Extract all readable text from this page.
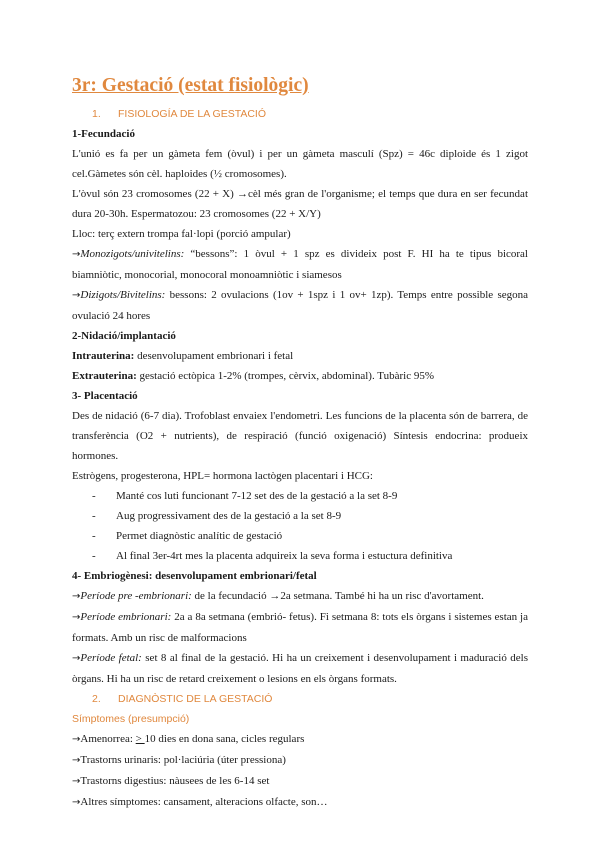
3r: Gestació (estat fisiològic)

1. FISIOLOGÍA DE LA GESTACIÓ

1-Fecundació

L'unió es fa per un gàmeta fem (òvul) i per un gàmeta masculí (Spz) = 46c diploide és 1 zigot cel.Gàmetes són cèl. haploides (½ cromosomes).

L'òvul són 23 cromosomes (22 + X) →cèl més gran de l'organisme; el temps que dura en ser fecundat dura 20-30h. Espermatozou: 23 cromosomes (22 + X/Y)

Lloc: terç extern trompa fal·lopi (porció ampular)

→Monozigots/univitelins: “bessons”: 1 òvul + 1 spz es divideix post F. HI ha te tipus bicoral biamniòtic, monocorial, monocoral monoamniòtic i siamesos

→Dizigots/Bivitelins: bessons: 2 ovulacions (1ov + 1spz i 1 ov+ 1zp). Temps entre possible segona ovulació 24 hores

2-Nidació/implantació

Intrauterina: desenvolupament embrionari i fetal

Extrauterina: gestació ectòpica 1-2% (trompes, cèrvix, abdominal). Tubàric 95%

3- Placentació

Des de nidació (6-7 dia). Trofoblast envaiex l'endometri. Les funcions de la placenta són de barrera, de transferència (O2 + nutrients), de respiració (funció oxigenació) Síntesis endocrina: produeix hormones.

Estrògens, progesterona, HPL= hormona lactògen placentari i HCG:

- Manté cos luti funcionant 7-12 set des de la gestació a la set 8-9
- Aug progressivament des de la gestació a la set 8-9
- Permet diagnòstic analític de gestació
- Al final 3er-4rt mes la placenta adquireix la seva forma i estuctura definitiva

4- Embriogènesi: desenvolupament embrionari/fetal

→Període pre -embrionari: de la fecundació →2a setmana. També hi ha un risc d'avortament.

→Període embrionari: 2a a 8a setmana (embrió- fetus). Fi setmana 8: tots els òrgans i sistemes estan ja formats. Amb un risc de malformacions

→Període fetal: set 8 al final de la gestació. Hi ha un creixement i desenvolupament i maduració dels òrgans. Hi ha un risc de retard creixement o lesions en els òrgans formats.

2. DIAGNÒSTIC DE LA GESTACIÓ

Símptomes (presumpció)

→Amenorrea: > 10 dies en dona sana, cicles regulars

→Trastorns urinaris: pol·laciúria (úter pressiona)

→Trastorns digestius: nàusees de les 6-14 set

→Altres símptomes: cansament, alteracions olfacte, son…
